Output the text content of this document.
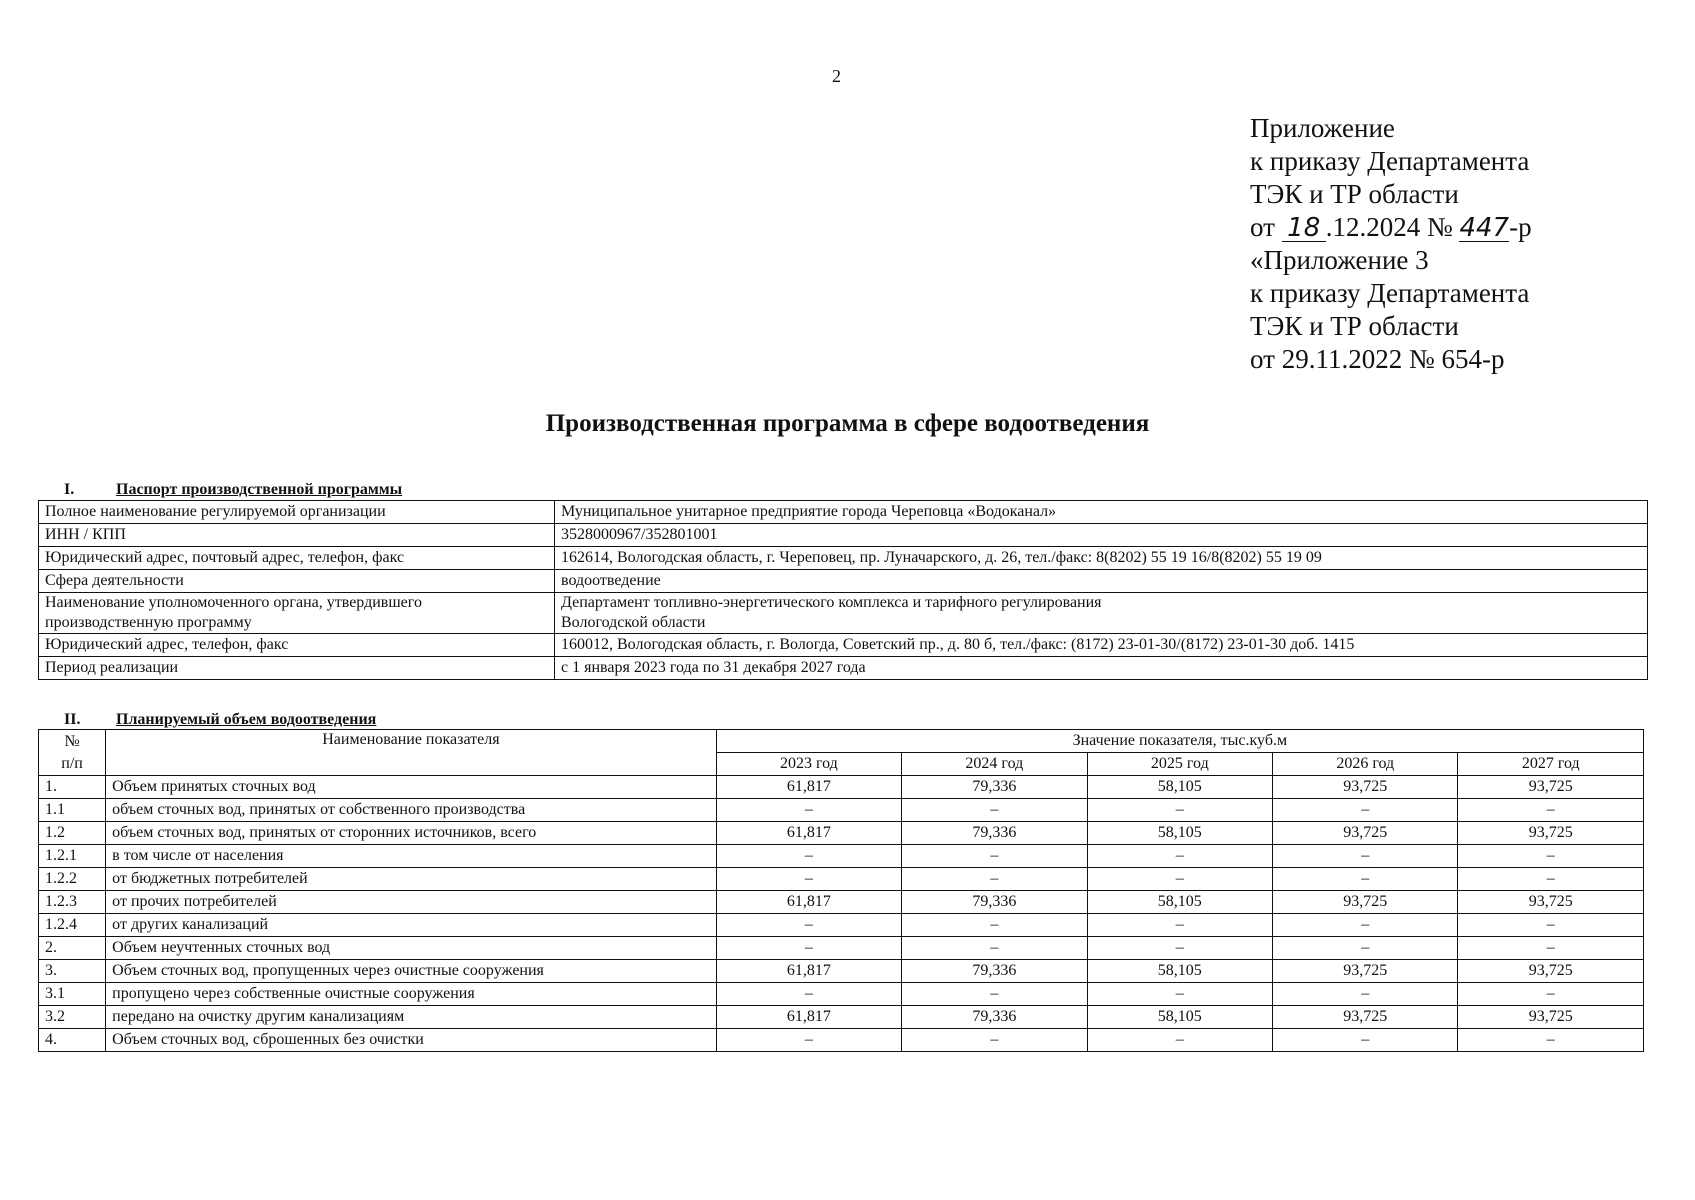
2
Приложение
к приказу Департамента
ТЭК и ТР области
от 18 .12.2024 № 447-р
«Приложение 3
к приказу Департамента
ТЭК и ТР области
от 29.11.2022 № 654-р
Производственная программа в сфере водоотведения
I.	Паспорт производственной программы
Полное наименование регулируемой организации	Муниципальное унитарное предприятие города Череповца «Водоканал»
ИНН / КПП	3528000967/352801001
Юридический адрес, почтовый адрес, телефон, факс	162614, Вологодская область, г. Череповец, пр. Луначарского, д. 26, тел./факс: 8(8202) 55 19 16/8(8202) 55 19 09
Сфера деятельности	водоотведение
Наименование уполномоченного органа, утвердившего
производственную программу	Департамент топливно-энергетического комплекса и тарифного регулирования
Вологодской области
Юридический адрес, телефон, факс	160012, Вологодская область, г. Вологда, Советский пр., д. 80 б, тел./факс: (8172) 23-01-30/(8172) 23-01-30 доб. 1415
Период реализации	с 1 января 2023 года по 31 декабря 2027 года
II. Планируемый объем водоотведения
№
п/п	Наименование показателя	Значение показателя, тыс.куб.м				
		2023 год	2024 год	2025 год	2026 год	2027 год
1.	Объем принятых сточных вод	61,817	79,336	58,105	93,725	93,725
1.1	объем сточных вод, принятых от собственного производства	–	–	–	–	–
1.2	объем сточных вод, принятых от сторонних источников, всего	61,817	79,336	58,105	93,725	93,725
1.2.1	в том числе от населения	–	–	–	–	–
1.2.2	от бюджетных потребителей	–	–	–	–	–
1.2.3	от прочих потребителей	61,817	79,336	58,105	93,725	93,725
1.2.4	от других канализаций	–	–	–	–	–
2.	Объем неучтенных сточных вод	–	–	–	–	–
3.	Объем сточных вод, пропущенных через очистные сооружения	61,817	79,336	58,105	93,725	93,725
3.1	пропущено через собственные очистные сооружения	–	–	–	–	–
3.2	передано на очистку другим канализациям	61,817	79,336	58,105	93,725	93,725
4.	Объем сточных вод, сброшенных без очистки	–	–	–	–	–
